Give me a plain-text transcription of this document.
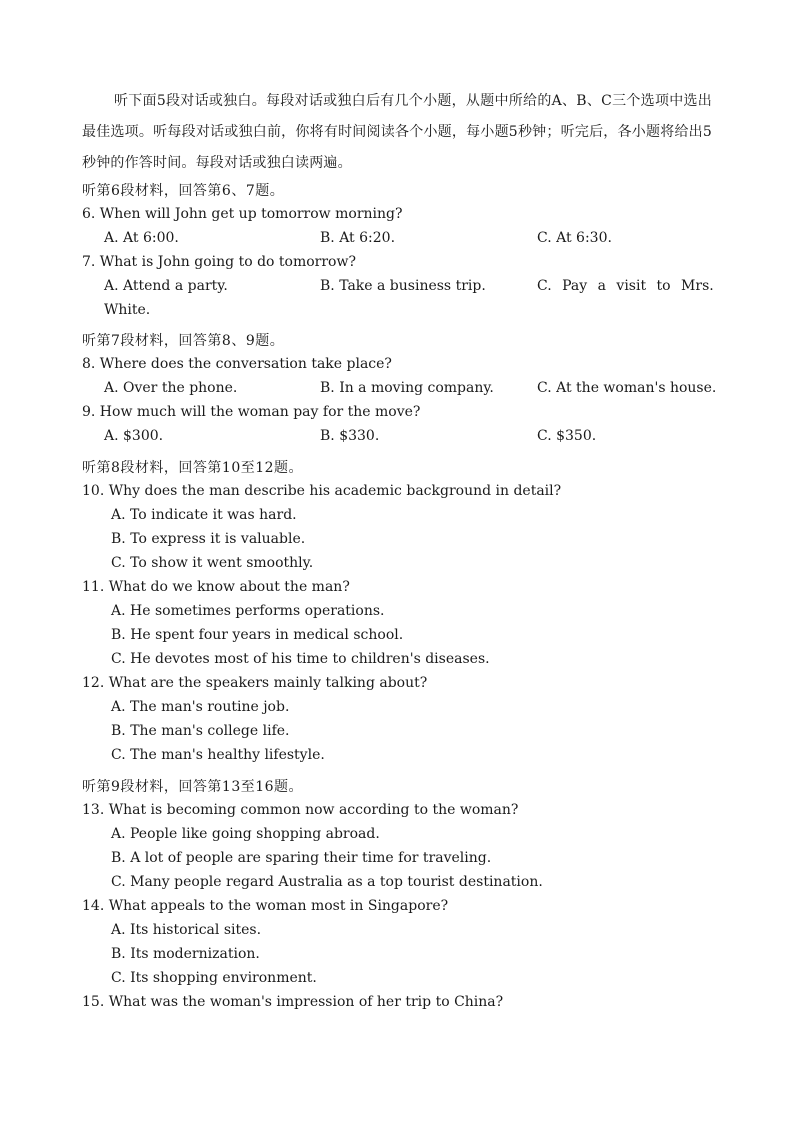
听下面5段对话或独白。每段对话或独白后有几个小题，从题中所给的A、B、C三个选项中选出最佳选项。听每段对话或独白前，你将有时间阅读各个小题，每小题5秒钟；听完后，各小题将给出5秒钟的作答时间。每段对话或独白读两遍。
听第6段材料，回答第6、7题。
6. When will John get up tomorrow morning?
A. At 6:00.	B. At 6:20.	C. At 6:30.
7. What is John going to do tomorrow?
A. Attend a party.	B. Take a business trip.	C. Pay a visit to Mrs.
White.
听第7段材料，回答第8、9题。
8. Where does the conversation take place?
A. Over the phone.	B. In a moving company.	C. At the woman's house.
9. How much will the woman pay for the move?
A. $300.	B. $330.	C. $350.
听第8段材料，回答第10至12题。
10. Why does the man describe his academic background in detail?
A. To indicate it was hard.
B. To express it is valuable.
C. To show it went smoothly.
11. What do we know about the man?
A. He sometimes performs operations.
B. He spent four years in medical school.
C. He devotes most of his time to children's diseases.
12. What are the speakers mainly talking about?
A. The man's routine job.
B. The man's college life.
C. The man's healthy lifestyle.
听第9段材料，回答第13至16题。
13. What is becoming common now according to the woman?
A. People like going shopping abroad.
B. A lot of people are sparing their time for traveling.
C. Many people regard Australia as a top tourist destination.
14. What appeals to the woman most in Singapore?
A. Its historical sites.
B. Its modernization.
C. Its shopping environment.
15. What was the woman's impression of her trip to China?
